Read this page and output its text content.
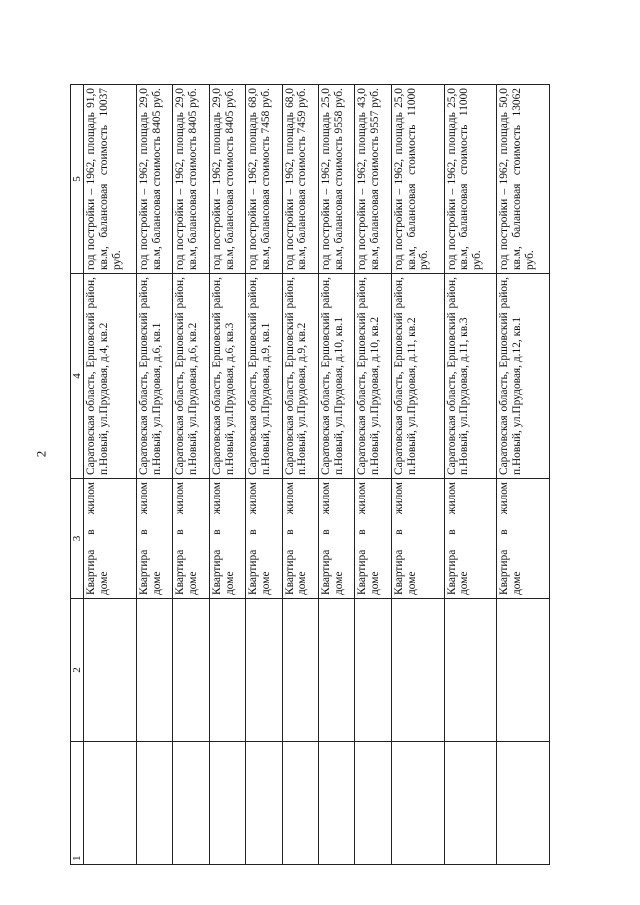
2
1	2	3	4	5
		Квартира в жилом доме	Саратовская область, Ершовский район, п.Новый, ул.Прудовая, д.4, кв.2	год постройки – 1962, площадь 91,0 кв.м, балансовая стоимость 10037 руб.
		Квартира в жилом доме	Саратовская область, Ершовский район, п.Новый, ул.Прудовая, д.6, кв.1	год постройки – 1962, площадь 29,0 кв.м, балансовая стоимость 8405 руб.
		Квартира в жилом доме	Саратовская область, Ершовский район, п.Новый, ул.Прудовая, д.6, кв.2	год постройки – 1962, площадь 29,0 кв.м, балансовая стоимость 8405 руб.
		Квартира в жилом доме	Саратовская область, Ершовский район, п.Новый, ул.Прудовая, д.6, кв.3	год постройки – 1962, площадь 29,0 кв.м, балансовая стоимость 8405 руб.
		Квартира в жилом доме	Саратовская область, Ершовский район, п.Новый, ул.Прудовая, д.9, кв.1	год постройки – 1962, площадь 68,0 кв.м, балансовая стоимость 7458 руб.
		Квартира в жилом доме	Саратовская область, Ершовский район, п.Новый, ул.Прудовая, д.9, кв.2	год постройки – 1962, площадь 68,0 кв.м, балансовая стоимость 7459 руб.
		Квартира в жилом доме	Саратовская область, Ершовский район, п.Новый, ул.Прудовая, д.10, кв.1	год постройки – 1962, площадь 25,0 кв.м, балансовая стоимость 9558 руб.
		Квартира в жилом доме	Саратовская область, Ершовский район, п.Новый, ул.Прудовая, д.10, кв.2	год постройки – 1962, площадь 43,0 кв.м, балансовая стоимость 9557 руб.
		Квартира в жилом доме	Саратовская область, Ершовский район, п.Новый, ул.Прудовая, д.11, кв.2	год постройки – 1962, площадь 25,0 кв.м, балансовая стоимость 11000 руб.
		Квартира в жилом доме	Саратовская область, Ершовский район, п.Новый, ул.Прудовая, д.11, кв.3	год постройки – 1962, площадь 25,0 кв.м, балансовая стоимость 11000 руб.
		Квартира в жилом доме	Саратовская область, Ершовский район, п.Новый, ул.Прудовая, д.12, кв.1	год постройки – 1962, площадь 50,0 кв.м, балансовая стоимость 13062 руб.
